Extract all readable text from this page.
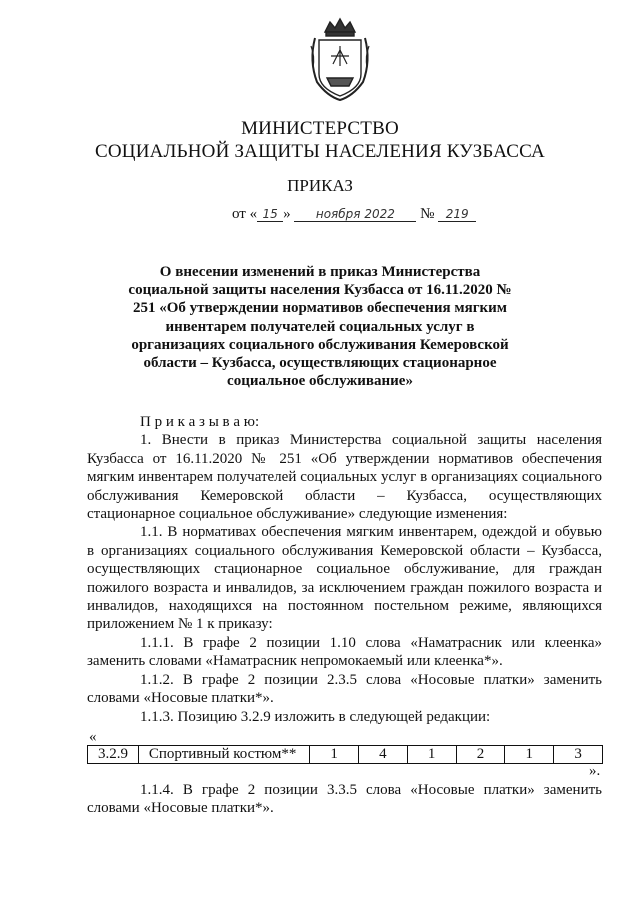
МИНИСТЕРСТВО
СОЦИАЛЬНОЙ ЗАЩИТЫ НАСЕЛЕНИЯ КУЗБАССА
ПРИКАЗ
от « 15 » ноября 2022 № 219
О внесении изменений в приказ Министерства социальной защиты населения Кузбасса от 16.11.2020 № 251 «Об утверждении нормативов обеспечения мягким инвентарем получателей социальных услуг в организациях социального обслуживания Кемеровской области – Кузбасса, осуществляющих стационарное социальное обслуживание»

П р и к а з ы в а ю:

1. Внести в приказ Министерства социальной защиты населения Кузбасса от 16.11.2020 № 251 «Об утверждении нормативов обеспечения мягким инвентарем получателей социальных услуг в организациях социального обслуживания Кемеровской области – Кузбасса, осуществляющих стационарное социальное обслуживание» следующие изменения:

1.1. В нормативах обеспечения мягким инвентарем, одеждой и обувью в организациях социального обслуживания Кемеровской области – Кузбасса, осуществляющих стационарное социальное обслуживание, для граждан пожилого возраста и инвалидов, за исключением граждан пожилого возраста и инвалидов, находящихся на постоянном постельном режиме, являющихся приложением № 1 к приказу:

1.1.1. В графе 2 позиции 1.10 слова «Наматрасник или клеенка» заменить словами «Наматрасник непромокаемый или клеенка*».

1.1.2. В графе 2 позиции 2.3.5 слова «Носовые платки» заменить словами «Носовые платки*».

1.1.3. Позицию 3.2.9 изложить в следующей редакции:

«
3.2.9	Спортивный костюм**	1	4	1	2	1	3
».

1.1.4. В графе 2 позиции 3.3.5 слова «Носовые платки» заменить словами «Носовые платки*».
